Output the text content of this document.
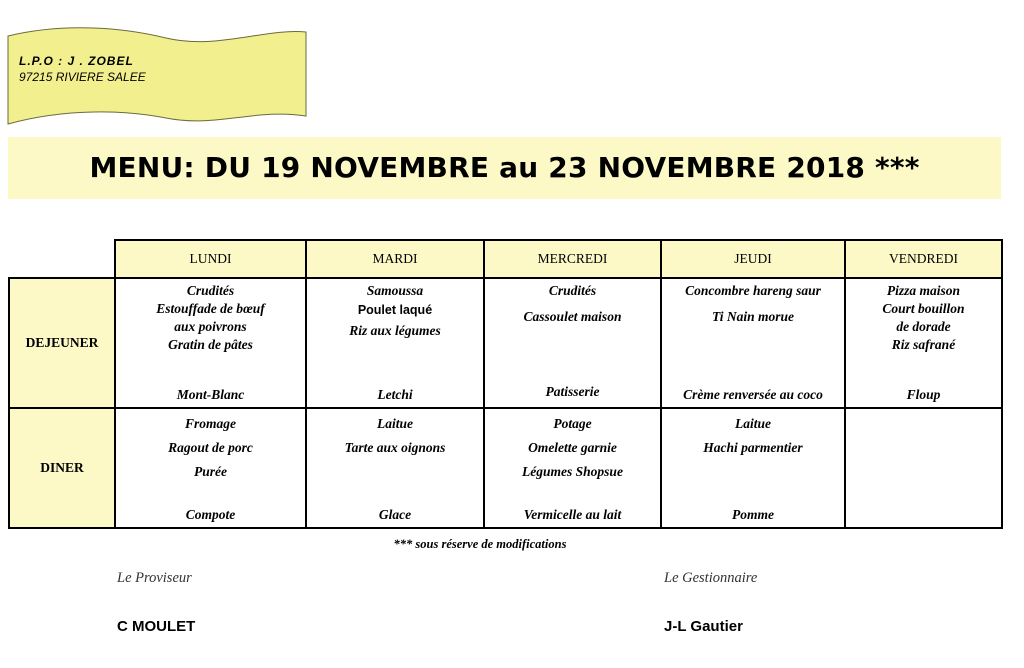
L.P.O : J . ZOBEL
97215 RIVIERE SALEE
MENU: DU 19 NOVEMBRE au 23 NOVEMBRE 2018 ***
	LUNDI	MARDI	MERCREDI	JEUDI	VENDREDI
DEJEUNER	Crudités
Estouffade de bœuf
aux poivrons
Gratin de pâtes
Mont-Blanc	Samoussa
Poulet laqué
Riz aux légumes
Letchi	Crudités
Cassoulet maison
Patisserie	Concombre hareng saur
Ti Nain morue
Crème renversée au coco	Pizza maison
Court bouillon
de dorade
Riz safrané
Floup

DINER	Fromage
Ragout de porc
Purée
Compote	Laitue
Tarte aux oignons
Glace	Potage
Omelette garnie
Légumes Shopsue
Vermicelle au lait	Laitue
Hachi parmentier
Pomme	

*** sous réserve de modifications
Le Proviseur
C MOULET
Le Gestionnaire
J-L Gautier
